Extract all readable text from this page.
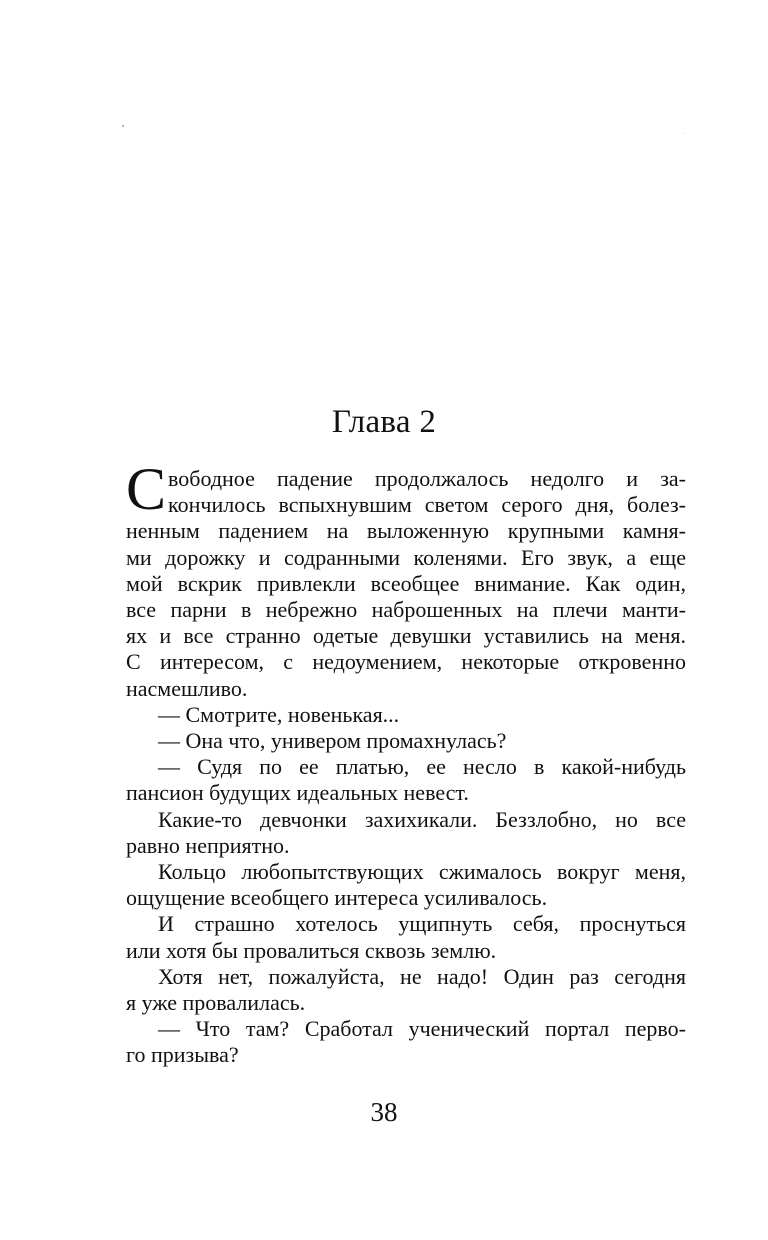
Глава 2
С вободное падение продолжалось недолго и за-
кончилось вспыхнувшим светом серого дня, болез-
ненным падением на выложенную крупными камня-
ми дорожку и содранными коленями. Его звук, а еще
мой вскрик привлекли всеобщее внимание. Как один,
все парни в небрежно наброшенных на плечи манти-
ях и все странно одетые девушки уставились на меня.
С интересом, с недоумением, некоторые откровенно
насмешливо.
— Смотрите, новенькая...
— Она что, универом промахнулась?
— Судя по ее платью, ее несло в какой-нибудь
пансион будущих идеальных невест.
Какие-то девчонки захихикали. Беззлобно, но все
равно неприятно.
Кольцо любопытствующих сжималось вокруг меня,
ощущение всеобщего интереса усиливалось.
И страшно хотелось ущипнуть себя, проснуться
или хотя бы провалиться сквозь землю.
Хотя нет, пожалуйста, не надо! Один раз сегодня
я уже провалилась.
— Что там? Сработал ученический портал перво-
го призыва?
38
